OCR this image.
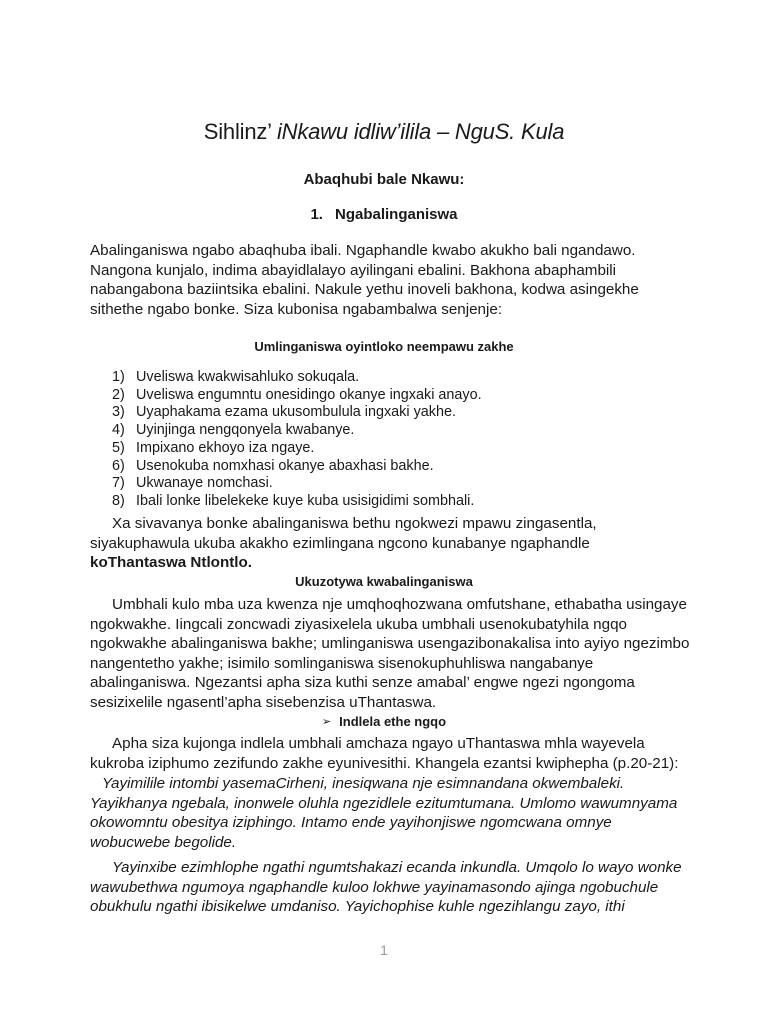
Sihlinz’ iNkawu idliw’ilila – NguS. Kula
Abaqhubi bale Nkawu:
1. Ngabalinganiswa
Abalinganiswa ngabo abaqhuba ibali. Ngaphandle kwabo akukho bali ngandawo. Nangona kunjalo, indima abayidlalayo ayilingani ebalini. Bakhona abaphambili nabangabona baziintsika ebalini. Nakule yethu inoveli bakhona, kodwa asingekhe sithethe ngabo bonke. Siza kubonisa ngabambalwa senjenje:
Umlinganiswa oyintloko neempawu zakhe
1) Uveliswa kwakwisahluko sokuqala.
2) Uveliswa engumntu onesidingo okanye ingxaki anayo.
3) Uyaphakama ezama ukusombulula ingxaki yakhe.
4) Uyinjinga nengqonyela kwabanye.
5) Impixano ekhoyo iza ngaye.
6) Usenokuba nomxhasi okanye abaxhasi bakhe.
7) Ukwanaye nomchasi.
8) Ibali lonke libelekeke kuye kuba usisigidimi sombhali.
Xa sivavanya bonke abalinganiswa bethu ngokwezi mpawu zingasentla, siyakuphawula ukuba akakho ezimlingana ngcono kunabanye ngaphandle koThantaswa Ntlontlo.
Ukuzotywa kwabalinganiswa
Umbhali kulo mba uza kwenza nje umqhoqhozwana omfutshane, ethabatha usingaye ngokwakhe. Iingcali zoncwadi ziyasixelela ukuba umbhali usenokubatyhila ngqo ngokwakhe abalinganiswa bakhe; umlinganiswa usengazibonakalisa into ayiyo ngezimbo nangentetho yakhe; isimilo somlinganiswa sisenokuphuhliswa nangabanye abalinganiswa. Ngezantsi apha siza kuthi senze amabal’ engwe ngezi ngongoma sesizixelile ngasentl’apha sisebenzisa uThantaswa.
➢ Indlela ethe ngqo
Apha siza kujonga indlela umbhali amchaza ngayo uThantaswa mhla wayevela kukroba iziphumo zezifundo zakhe eyunivesithi. Khangela ezantsi kwiphepha (p.20-21):
Yayimilile intombi yasemaCirheni, inesiqwana nje esimnandana okwembaleki. Yayikhanya ngebala, inonwele oluhla ngezidlele ezitumtumana. Umlomo wawumnyama okowomntu obesitya iziphingo. Intamo ende yayihonjiswe ngomcwana omnye wobucwebe begolide.
Yayinxibe ezimhlophe ngathi ngumtshakazi ecanda inkundla. Umqolo lo wayo wonke wawubethwa ngumoya ngaphandle kuloo lokhwe yayinamasondo ajinga ngobuchule obukhulu ngathi ibisikelwe umdaniso. Yayichophise kuhle ngezihlangu zayo, ithi
1
